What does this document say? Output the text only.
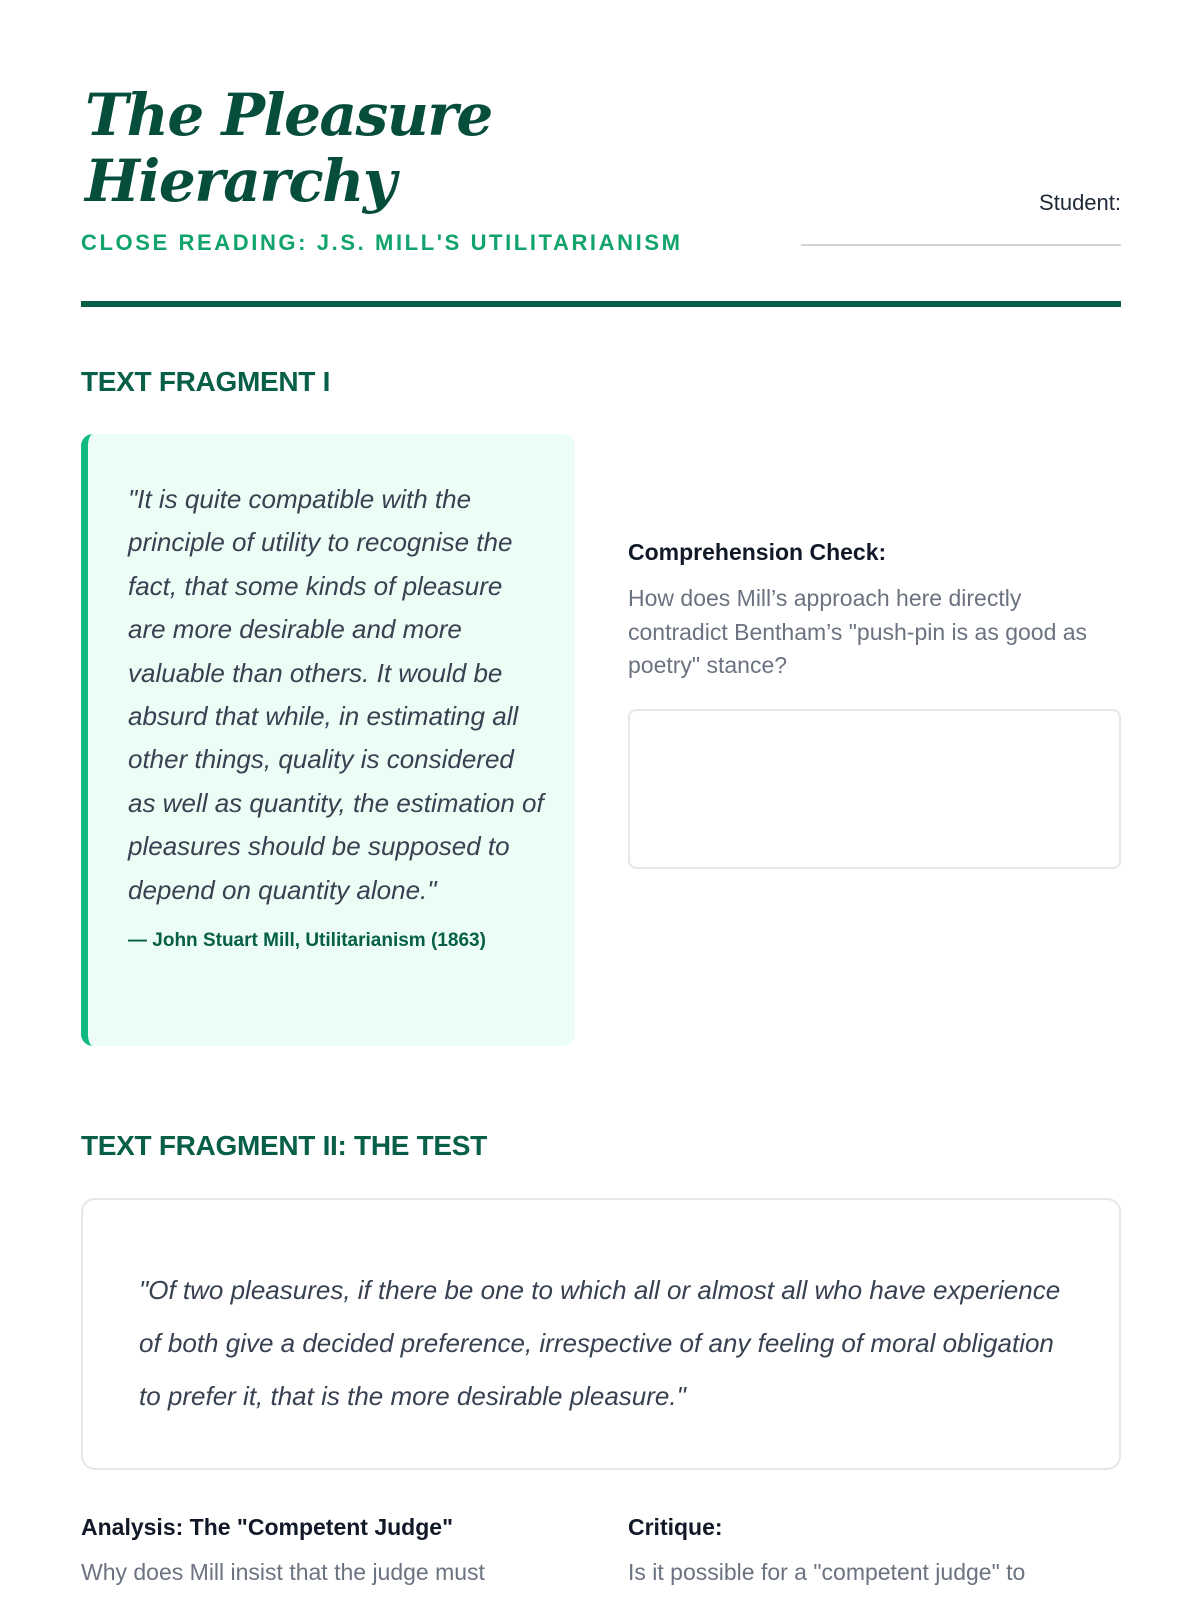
The Pleasure Hierarchy
CLOSE READING: J.S. MILL'S UTILITARIANISM
Student:
TEXT FRAGMENT I

"It is quite compatible with the principle of utility to recognise the fact, that some kinds of pleasure are more desirable and more valuable than others. It would be absurd that while, in estimating all other things, quality is considered as well as quantity, the estimation of pleasures should be supposed to depend on quantity alone."

— John Stuart Mill, Utilitarianism (1863)
Comprehension Check:
How does Mill’s approach here directly contradict Bentham’s "push-pin is as good as poetry" stance?
TEXT FRAGMENT II: THE TEST

"Of two pleasures, if there be one to which all or almost all who have experience of both give a decided preference, irrespective of any feeling of moral obligation to prefer it, that is the more desirable pleasure."

Analysis: The "Competent Judge"	Critique:
Why does Mill insist that the judge must	Is it possible for a "competent judge" to
